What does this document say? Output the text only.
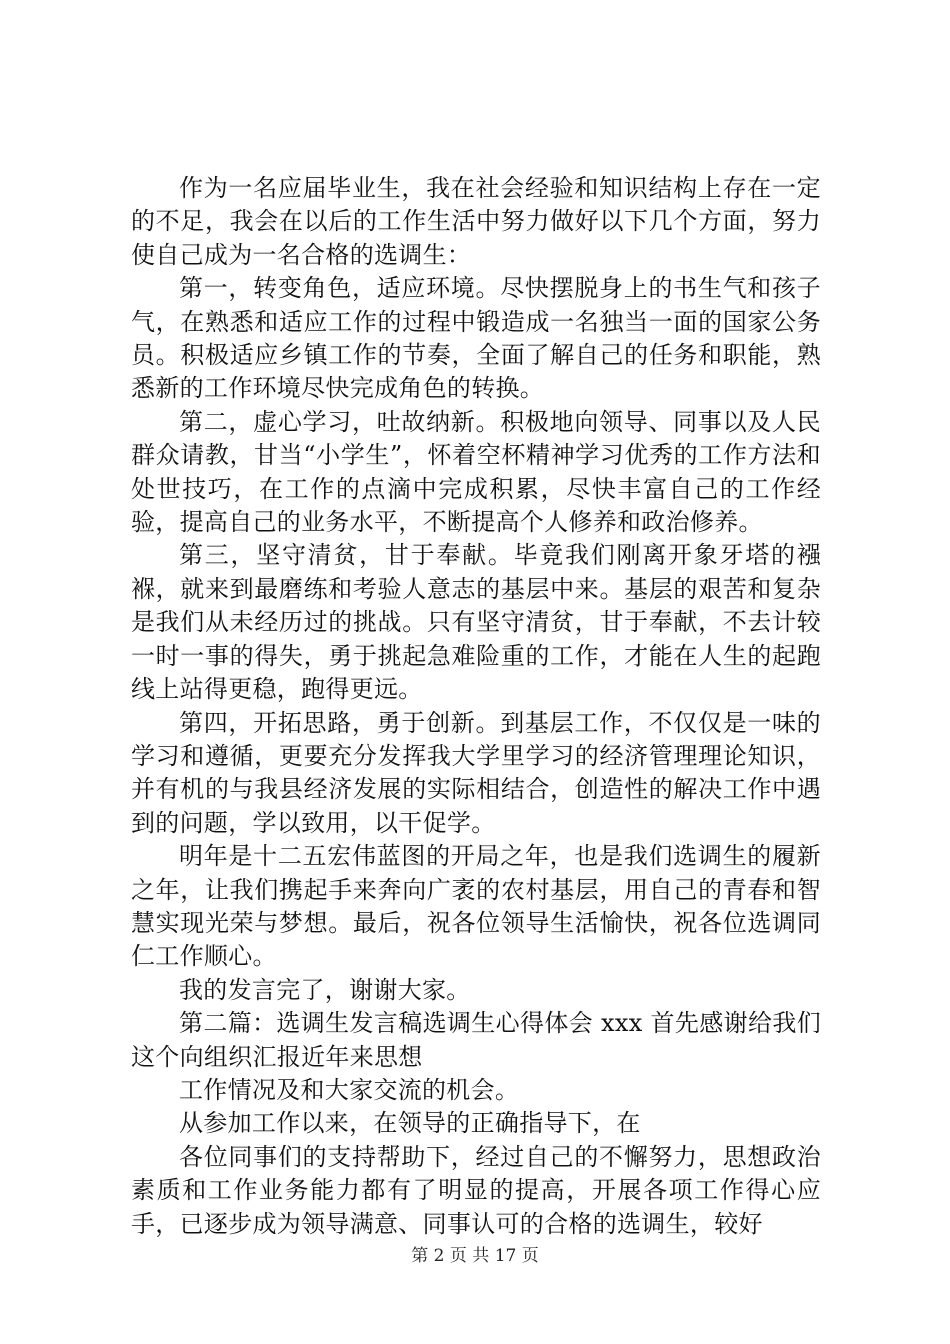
作为一名应届毕业生，我在社会经验和知识结构上存在一定的不足，我会在以后的工作生活中努力做好以下几个方面，努力使自己成为一名合格的选调生：

第一，转变角色，适应环境。尽快摆脱身上的书生气和孩子气，在熟悉和适应工作的过程中锻造成一名独当一面的国家公务员。积极适应乡镇工作的节奏，全面了解自己的任务和职能，熟悉新的工作环境尽快完成角色的转换。

第二，虚心学习，吐故纳新。积极地向领导、同事以及人民群众请教，甘当“小学生”，怀着空杯精神学习优秀的工作方法和处世技巧，在工作的点滴中完成积累，尽快丰富自己的工作经验，提高自己的业务水平，不断提高个人修养和政治修养。

第三，坚守清贫，甘于奉献。毕竟我们刚离开象牙塔的襁褓，就来到最磨练和考验人意志的基层中来。基层的艰苦和复杂是我们从未经历过的挑战。只有坚守清贫，甘于奉献，不去计较一时一事的得失，勇于挑起急难险重的工作，才能在人生的起跑线上站得更稳，跑得更远。

第四，开拓思路，勇于创新。到基层工作，不仅仅是一味的学习和遵循，更要充分发挥我大学里学习的经济管理理论知识，并有机的与我县经济发展的实际相结合，创造性的解决工作中遇到的问题，学以致用，以干促学。

明年是十二五宏伟蓝图的开局之年，也是我们选调生的履新之年，让我们携起手来奔向广袤的农村基层，用自己的青春和智慧实现光荣与梦想。最后，祝各位领导生活愉快，祝各位选调同仁工作顺心。

我的发言完了，谢谢大家。

第二篇：选调生发言稿选调生心得体会 xxx 首先感谢给我们这个向组织汇报近年来思想

工作情况及和大家交流的机会。

从参加工作以来，在领导的正确指导下，在

各位同事们的支持帮助下，经过自己的不懈努力，思想政治素质和工作业务能力都有了明显的提高，开展各项工作得心应手，已逐步成为领导满意、同事认可的合格的选调生，较好

第 2 页 共 17 页
